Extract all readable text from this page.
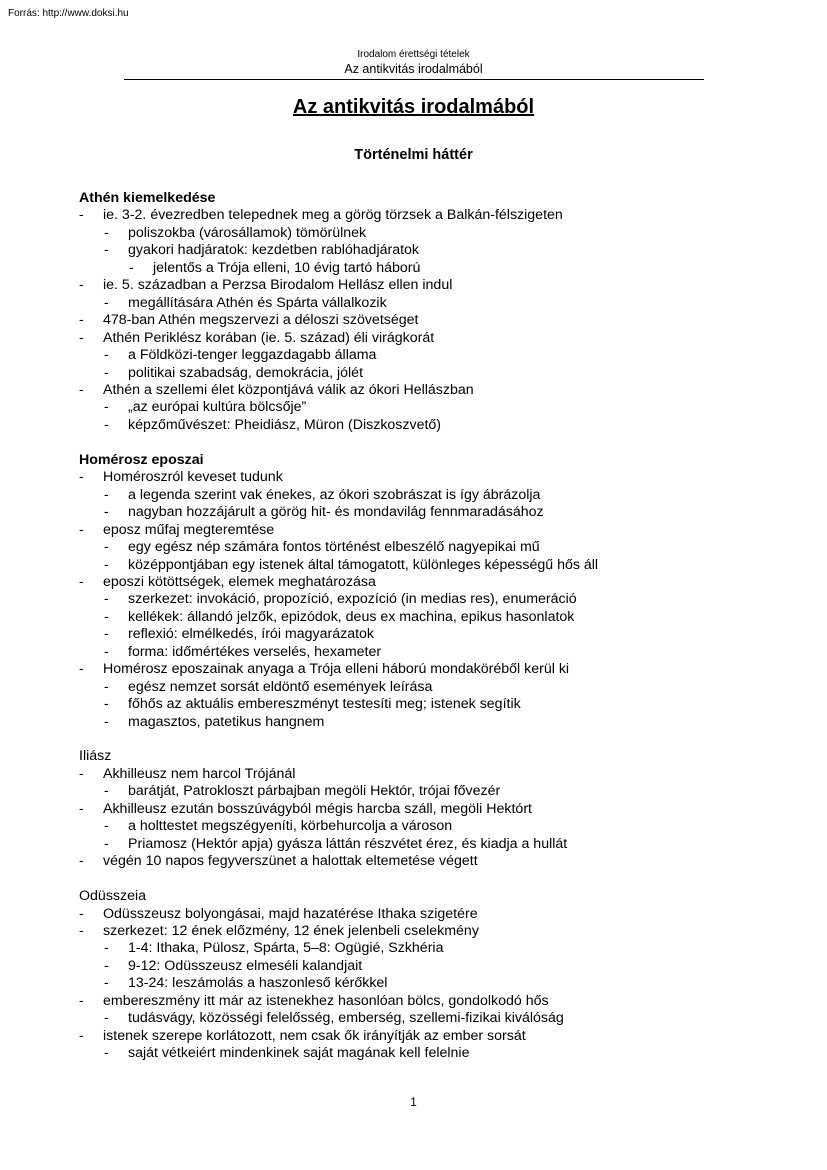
Forrás: http://www.doksi.hu
Irodalom érettségi tételek
Az antikvitás irodalmából
Az antikvitás irodalmából
Történelmi háttér
Athén kiemelkedése
- ie. 3-2. évezredben telepednek meg a görög törzsek a Balkán-félszigeten
- poliszokba (városállamok) tömörülnek
- gyakori hadjáratok: kezdetben rablóhadjáratok
- jelentős a Trója elleni, 10 évig tartó háború
- ie. 5. században a Perzsa Birodalom Hellász ellen indul
- megállítására Athén és Spárta vállalkozik
- 478-ban Athén megszervezi a déloszi szövetséget
- Athén Periklész korában (ie. 5. század) éli virágkorát
- a Földközi-tenger leggazdagabb állama
- politikai szabadság, demokrácia, jólét
- Athén a szellemi élet központjává válik az ókori Hellászban
- „az európai kultúra bölcsője”
- képzőművészet: Pheidiász, Müron (Diszkoszvető)
Homérosz eposzai
- Homéroszról keveset tudunk
- a legenda szerint vak énekes, az ókori szobrászat is így ábrázolja
- nagyban hozzájárult a görög hit- és mondavilág fennmaradásához
- eposz műfaj megteremtése
- egy egész nép számára fontos történést elbeszélő nagyepikai mű
- középpontjában egy istenek által támogatott, különleges képességű hős áll
- eposzi kötöttségek, elemek meghatározása
- szerkezet: invokáció, propozíció, expozíció (in medias res), enumeráció
- kellékek: állandó jelzők, epizódok, deus ex machina, epikus hasonlatok
- reflexió: elmélkedés, írói magyarázatok
- forma: időmértékes verselés, hexameter
- Homérosz eposzainak anyaga a Trója elleni háború mondaköréből kerül ki
- egész nemzet sorsát eldöntő események leírása
- főhős az aktuális embereszményt testesíti meg; istenek segítik
- magasztos, patetikus hangnem
Iliász
- Akhilleusz nem harcol Trójánál
- barátját, Patrokloszt párbajban megöli Hektór, trójai fővezér
- Akhilleusz ezután bosszúvágyból mégis harcba száll, megöli Hektórt
- a holttestet megszégyeníti, körbehurcolja a városon
- Priamosz (Hektór apja) gyásza láttán részvétet érez, és kiadja a hullát
- végén 10 napos fegyverszünet a halottak eltemetése végett
Odüsszeia
- Odüsszeusz bolyongásai, majd hazatérése Ithaka szigetére
- szerkezet: 12 ének előzmény, 12 ének jelenbeli cselekmény
- 1-4: Ithaka, Pülosz, Spárta, 5–8: Ogügié, Szkhéria
- 9-12: Odüsszeusz elmeséli kalandjait
- 13-24: leszámolás a haszonleső kérőkkel
- embereszmény itt már az istenekhez hasonlóan bölcs, gondolkodó hős
- tudásvágy, közösségi felelősség, emberség, szellemi-fizikai kiválóság
- istenek szerepe korlátozott, nem csak ők irányítják az ember sorsát
- saját vétkeiért mindenkinek saját magának kell felelnie
1
